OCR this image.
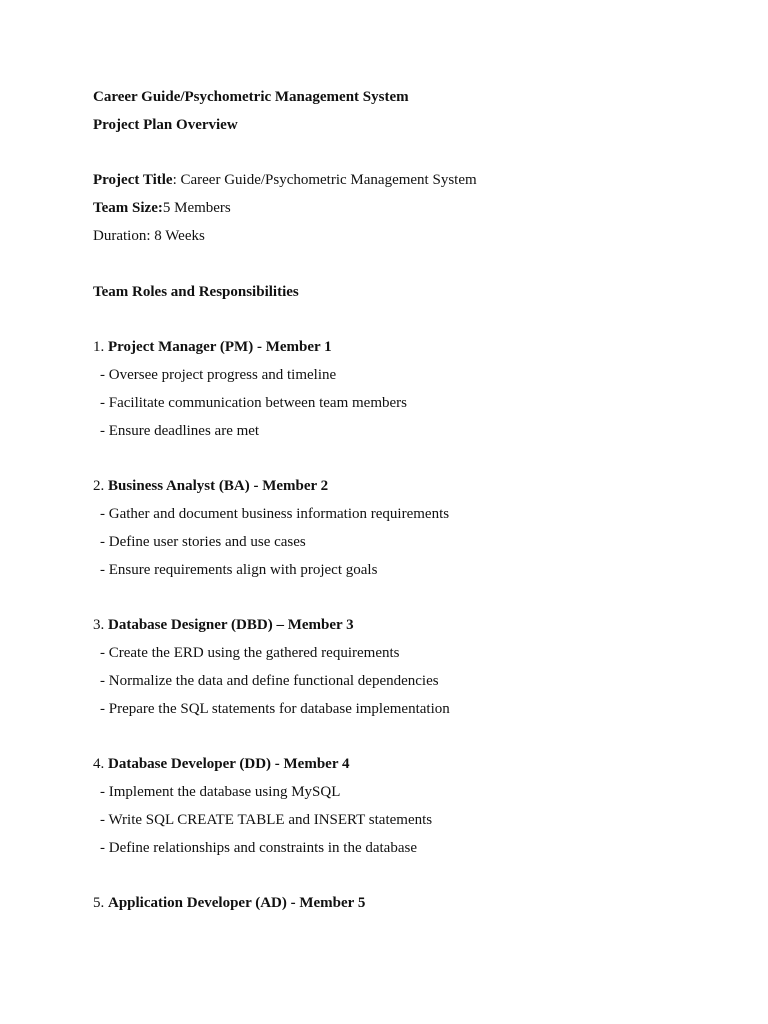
Career Guide/Psychometric Management System
Project Plan Overview
Project Title: Career Guide/Psychometric Management System
Team Size:5 Members
Duration: 8 Weeks
Team Roles and Responsibilities
1. Project Manager (PM) - Member 1
- Oversee project progress and timeline
- Facilitate communication between team members
- Ensure deadlines are met
2. Business Analyst (BA) - Member 2
- Gather and document business information requirements
- Define user stories and use cases
- Ensure requirements align with project goals
3. Database Designer (DBD) – Member 3
- Create the ERD using the gathered requirements
- Normalize the data and define functional dependencies
- Prepare the SQL statements for database implementation
4. Database Developer (DD) - Member 4
- Implement the database using MySQL
- Write SQL CREATE TABLE and INSERT statements
- Define relationships and constraints in the database
5. Application Developer (AD) - Member 5
